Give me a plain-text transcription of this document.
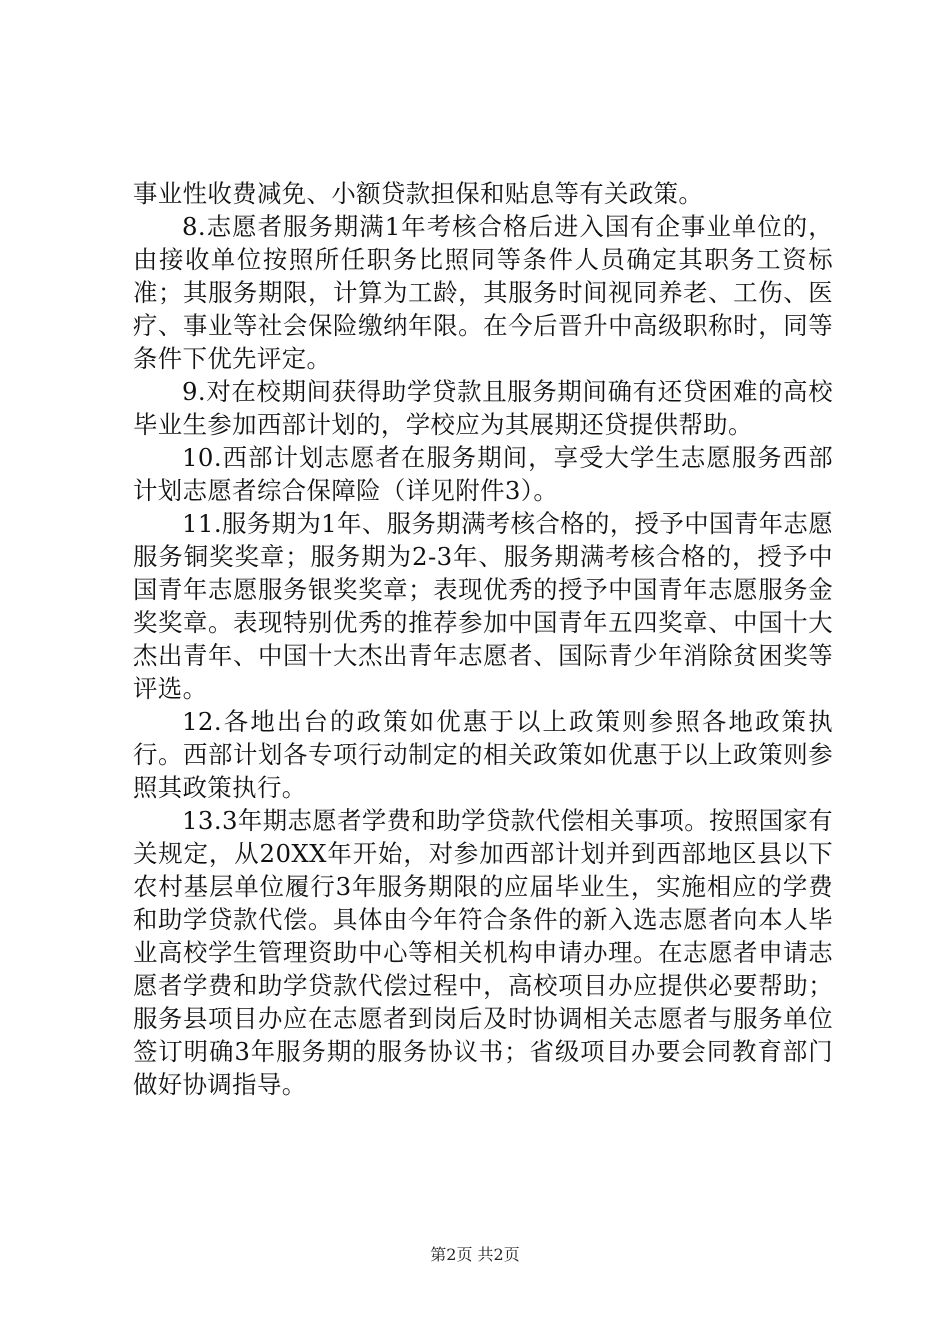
事业性收费减免、小额贷款担保和贴息等有关政策。

8.志愿者服务期满1年考核合格后进入国有企事业单位的，由接收单位按照所任职务比照同等条件人员确定其职务工资标准；其服务期限，计算为工龄，其服务时间视同养老、工伤、医疗、事业等社会保险缴纳年限。在今后晋升中高级职称时，同等条件下优先评定。

9.对在校期间获得助学贷款且服务期间确有还贷困难的高校毕业生参加西部计划的，学校应为其展期还贷提供帮助。

10.西部计划志愿者在服务期间，享受大学生志愿服务西部计划志愿者综合保障险（详见附件3）。

11.服务期为1年、服务期满考核合格的，授予中国青年志愿服务铜奖奖章；服务期为2-3年、服务期满考核合格的，授予中国青年志愿服务银奖奖章；表现优秀的授予中国青年志愿服务金奖奖章。表现特别优秀的推荐参加中国青年五四奖章、中国十大杰出青年、中国十大杰出青年志愿者、国际青少年消除贫困奖等评选。

12.各地出台的政策如优惠于以上政策则参照各地政策执行。西部计划各专项行动制定的相关政策如优惠于以上政策则参照其政策执行。

13.3年期志愿者学费和助学贷款代偿相关事项。按照国家有关规定，从20XX年开始，对参加西部计划并到西部地区县以下农村基层单位履行3年服务期限的应届毕业生，实施相应的学费和助学贷款代偿。具体由今年符合条件的新入选志愿者向本人毕业高校学生管理资助中心等相关机构申请办理。在志愿者申请志愿者学费和助学贷款代偿过程中，高校项目办应提供必要帮助；服务县项目办应在志愿者到岗后及时协调相关志愿者与服务单位签订明确3年服务期的服务协议书；省级项目办要会同教育部门做好协调指导。

第2页 共2页
